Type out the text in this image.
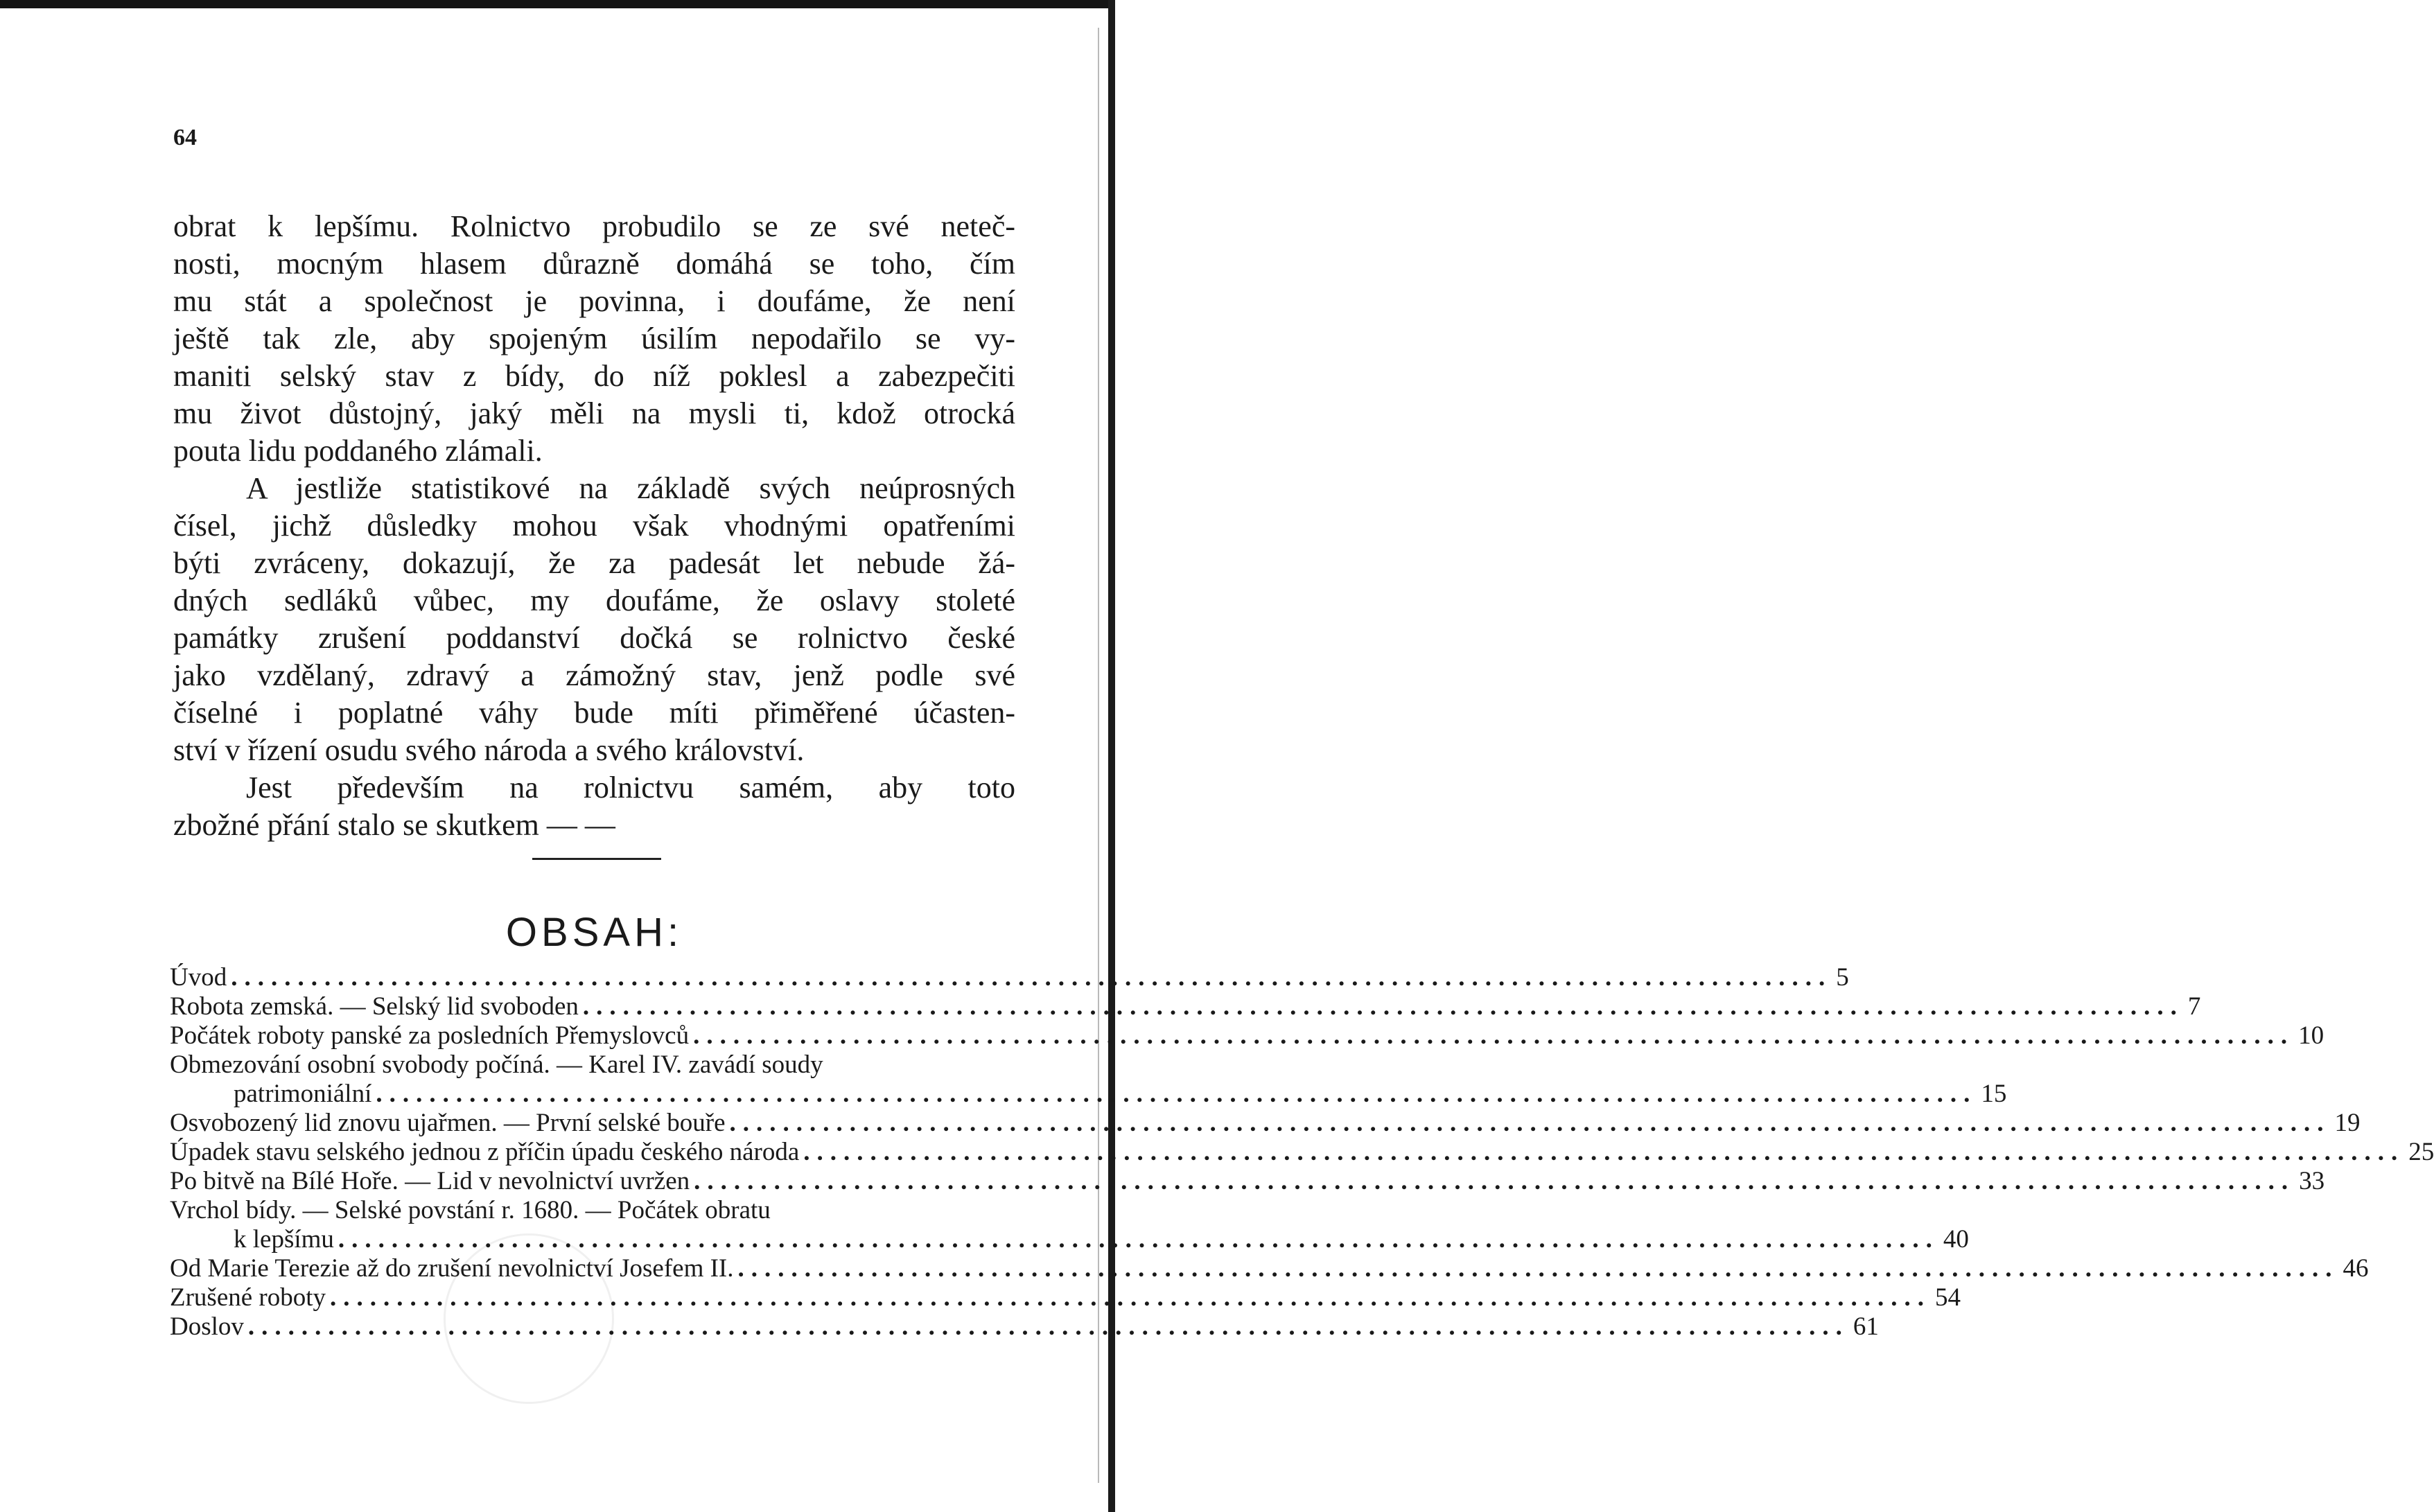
64
obrat k lepšímu. Rolnictvo probudilo se ze své neteč-
nosti, mocným hlasem důrazně domáhá se toho, čím
mu stát a společnost je povinna, i doufáme, že není
ještě tak zle, aby spojeným úsilím nepodařilo se vy-
maniti selský stav z bídy, do níž poklesl a zabezpečiti
mu život důstojný, jaký měli na mysli ti, kdož otrocká
pouta lidu poddaného zlámali.
A jestliže statistikové na základě svých neúprosných
čísel, jichž důsledky mohou však vhodnými opatřeními
býti zvráceny, dokazují, že za padesát let nebude žá-
dných sedláků vůbec, my doufáme, že oslavy stoleté
památky zrušení poddanství dočká se rolnictvo české
jako vzdělaný, zdravý a zámožný stav, jenž podle své
číselné i poplatné váhy bude míti přiměřené účasten-
ství v řízení osudu svého národa a svého království.
Jest především na rolnictvu samém, aby toto
zbožné přání stalo se skutkem — —
OBSAH:
Úvod ........................................................................................................................ 5
Robota zemská. — Selský lid svoboden ........................................................................................................................ 7
Počátek roboty panské za posledních Přemyslovců ........................................................................................................................ 10
Obmezování osobní svobody počíná. — Karel IV. zavádí soudy
patrimoniální ........................................................................................................................ 15
Osvobozený lid znovu ujařmen. — První selské bouře ........................................................................................................................ 19
Úpadek stavu selského jednou z příčin úpadu českého národa ........................................................................................................................ 25
Po bitvě na Bílé Hoře. — Lid v nevolnictví uvržen ........................................................................................................................ 33
Vrchol bídy. — Selské povstání r. 1680. — Počátek obratu
k lepšímu ........................................................................................................................ 40
Od Marie Terezie až do zrušení nevolnictví Josefem II. ........................................................................................................................ 46
Zrušené roboty ........................................................................................................................ 54
Doslov ........................................................................................................................ 61
